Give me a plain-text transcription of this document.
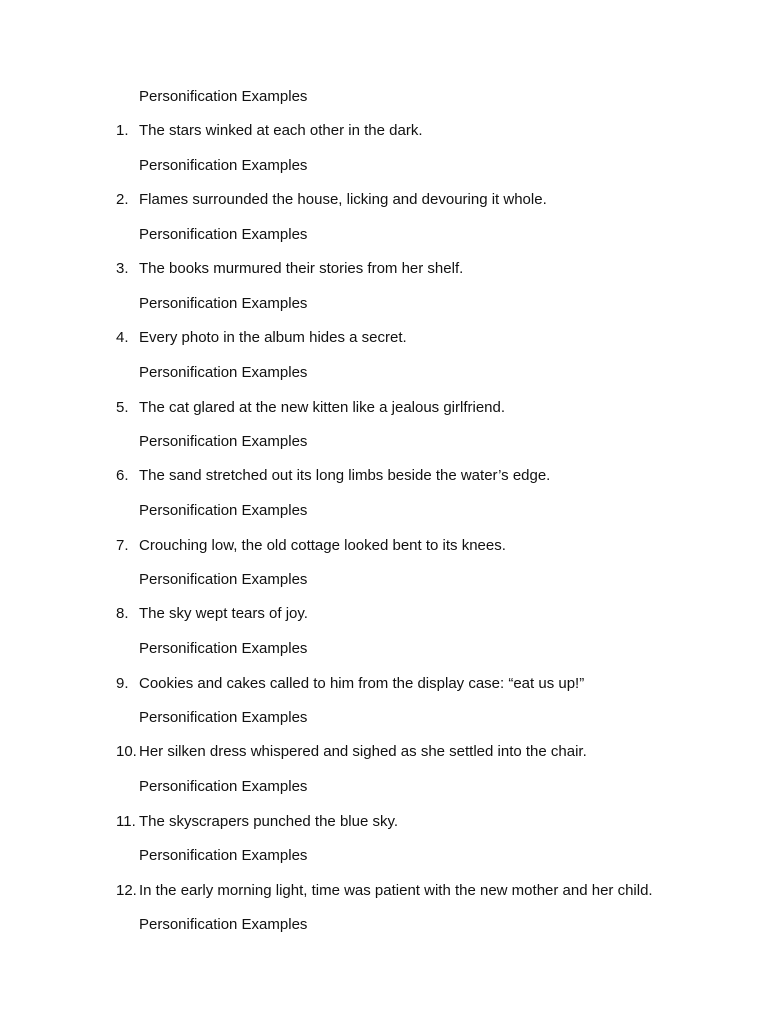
Personification Examples
1. The stars winked at each other in the dark.
Personification Examples
2. Flames surrounded the house, licking and devouring it whole.
Personification Examples
3. The books murmured their stories from her shelf.
Personification Examples
4. Every photo in the album hides a secret.
Personification Examples
5. The cat glared at the new kitten like a jealous girlfriend.
Personification Examples
6. The sand stretched out its long limbs beside the water’s edge.
Personification Examples
7. Crouching low, the old cottage looked bent to its knees.
Personification Examples
8. The sky wept tears of joy.
Personification Examples
9. Cookies and cakes called to him from the display case: “eat us up!”
Personification Examples
10. Her silken dress whispered and sighed as she settled into the chair.
Personification Examples
11. The skyscrapers punched the blue sky.
Personification Examples
12. In the early morning light, time was patient with the new mother and her child.
Personification Examples
